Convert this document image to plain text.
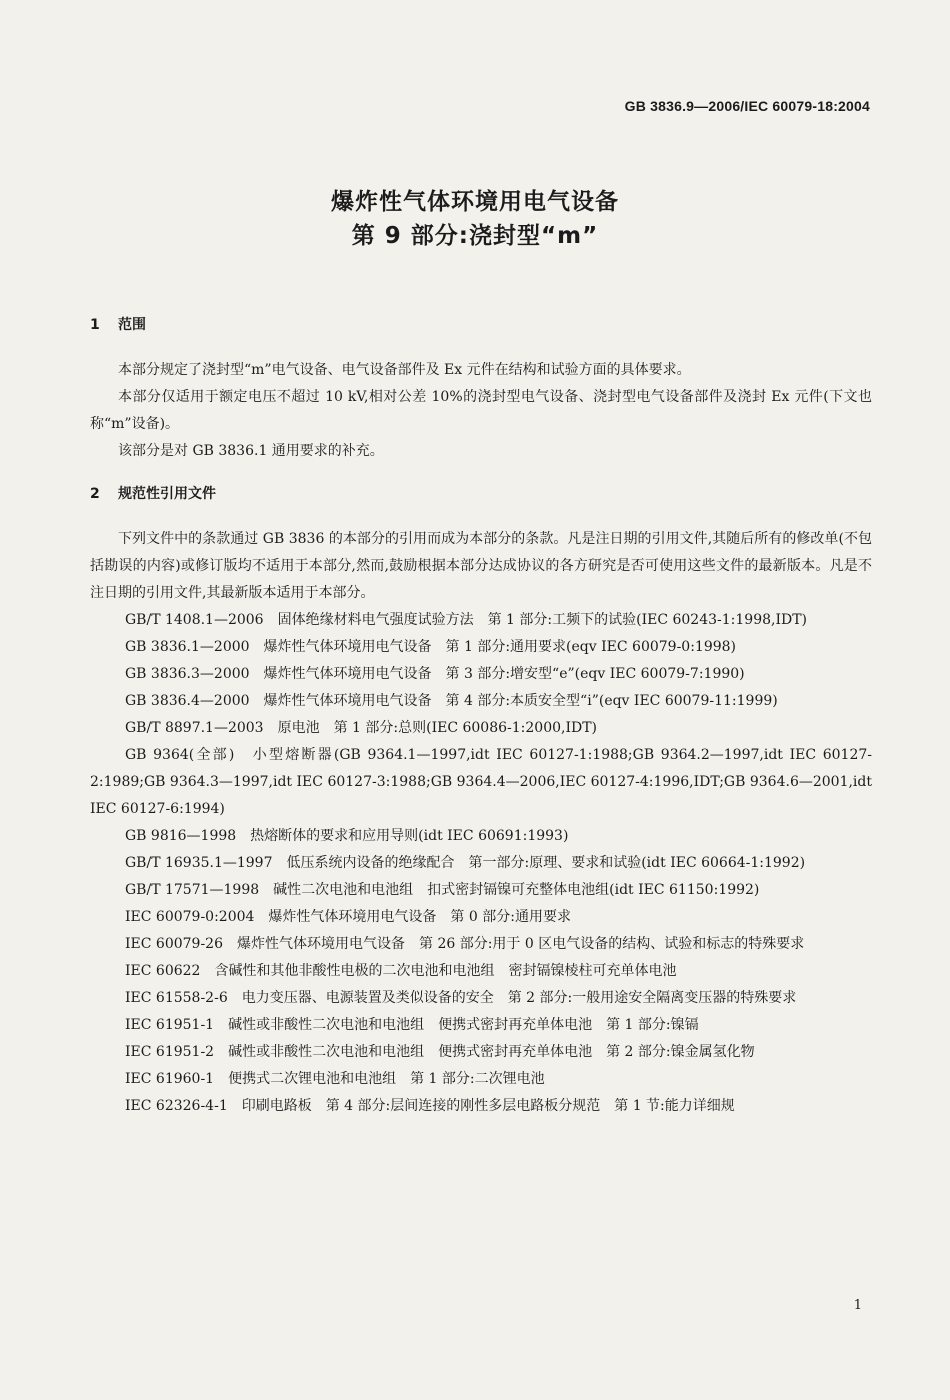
GB 3836.9—2006/IEC 60079-18:2004
爆炸性气体环境用电气设备
第 9 部分:浇封型“m”
1 范围

本部分规定了浇封型“m”电气设备、电气设备部件及 Ex 元件在结构和试验方面的具体要求。

本部分仅适用于额定电压不超过 10 kV,相对公差 10%的浇封型电气设备、浇封型电气设备部件及浇封 Ex 元件(下文也称“m”设备)。

该部分是对 GB 3836.1 通用要求的补充。

2 规范性引用文件

下列文件中的条款通过 GB 3836 的本部分的引用而成为本部分的条款。凡是注日期的引用文件,其随后所有的修改单(不包括勘误的内容)或修订版均不适用于本部分,然而,鼓励根据本部分达成协议的各方研究是否可使用这些文件的最新版本。凡是不注日期的引用文件,其最新版本适用于本部分。

GB/T 1408.1—2006　固体绝缘材料电气强度试验方法　第 1 部分:工频下的试验(IEC 60243-1:1998,IDT)

GB 3836.1—2000　爆炸性气体环境用电气设备　第 1 部分:通用要求(eqv IEC 60079-0:1998)

GB 3836.3—2000　爆炸性气体环境用电气设备　第 3 部分:增安型“e”(eqv IEC 60079-7:1990)

GB 3836.4—2000　爆炸性气体环境用电气设备　第 4 部分:本质安全型“i”(eqv IEC 60079-11:1999)

GB/T 8897.1—2003　原电池　第 1 部分:总则(IEC 60086-1:2000,IDT)

GB 9364(全部)　小型熔断器(GB 9364.1—1997,idt IEC 60127-1:1988;GB 9364.2—1997,idt IEC 60127-2:1989;GB 9364.3—1997,idt IEC 60127-3:1988;GB 9364.4—2006,IEC 60127-4:1996,IDT;GB 9364.6—2001,idt IEC 60127-6:1994)

GB 9816—1998　热熔断体的要求和应用导则(idt IEC 60691:1993)

GB/T 16935.1—1997　低压系统内设备的绝缘配合　第一部分:原理、要求和试验(idt IEC 60664-1:1992)

GB/T 17571—1998　碱性二次电池和电池组　扣式密封镉镍可充整体电池组(idt IEC 61150:1992)

IEC 60079-0:2004　爆炸性气体环境用电气设备　第 0 部分:通用要求

IEC 60079-26　爆炸性气体环境用电气设备　第 26 部分:用于 0 区电气设备的结构、试验和标志的特殊要求

IEC 60622　含碱性和其他非酸性电极的二次电池和电池组　密封镉镍棱柱可充单体电池

IEC 61558-2-6　电力变压器、电源装置及类似设备的安全　第 2 部分:一般用途安全隔离变压器的特殊要求

IEC 61951-1　碱性或非酸性二次电池和电池组　便携式密封再充单体电池　第 1 部分:镍镉

IEC 61951-2　碱性或非酸性二次电池和电池组　便携式密封再充单体电池　第 2 部分:镍金属氢化物

IEC 61960-1　便携式二次锂电池和电池组　第 1 部分:二次锂电池

IEC 62326-4-1　印刷电路板　第 4 部分:层间连接的刚性多层电路板分规范　第 1 节:能力详细规

1
